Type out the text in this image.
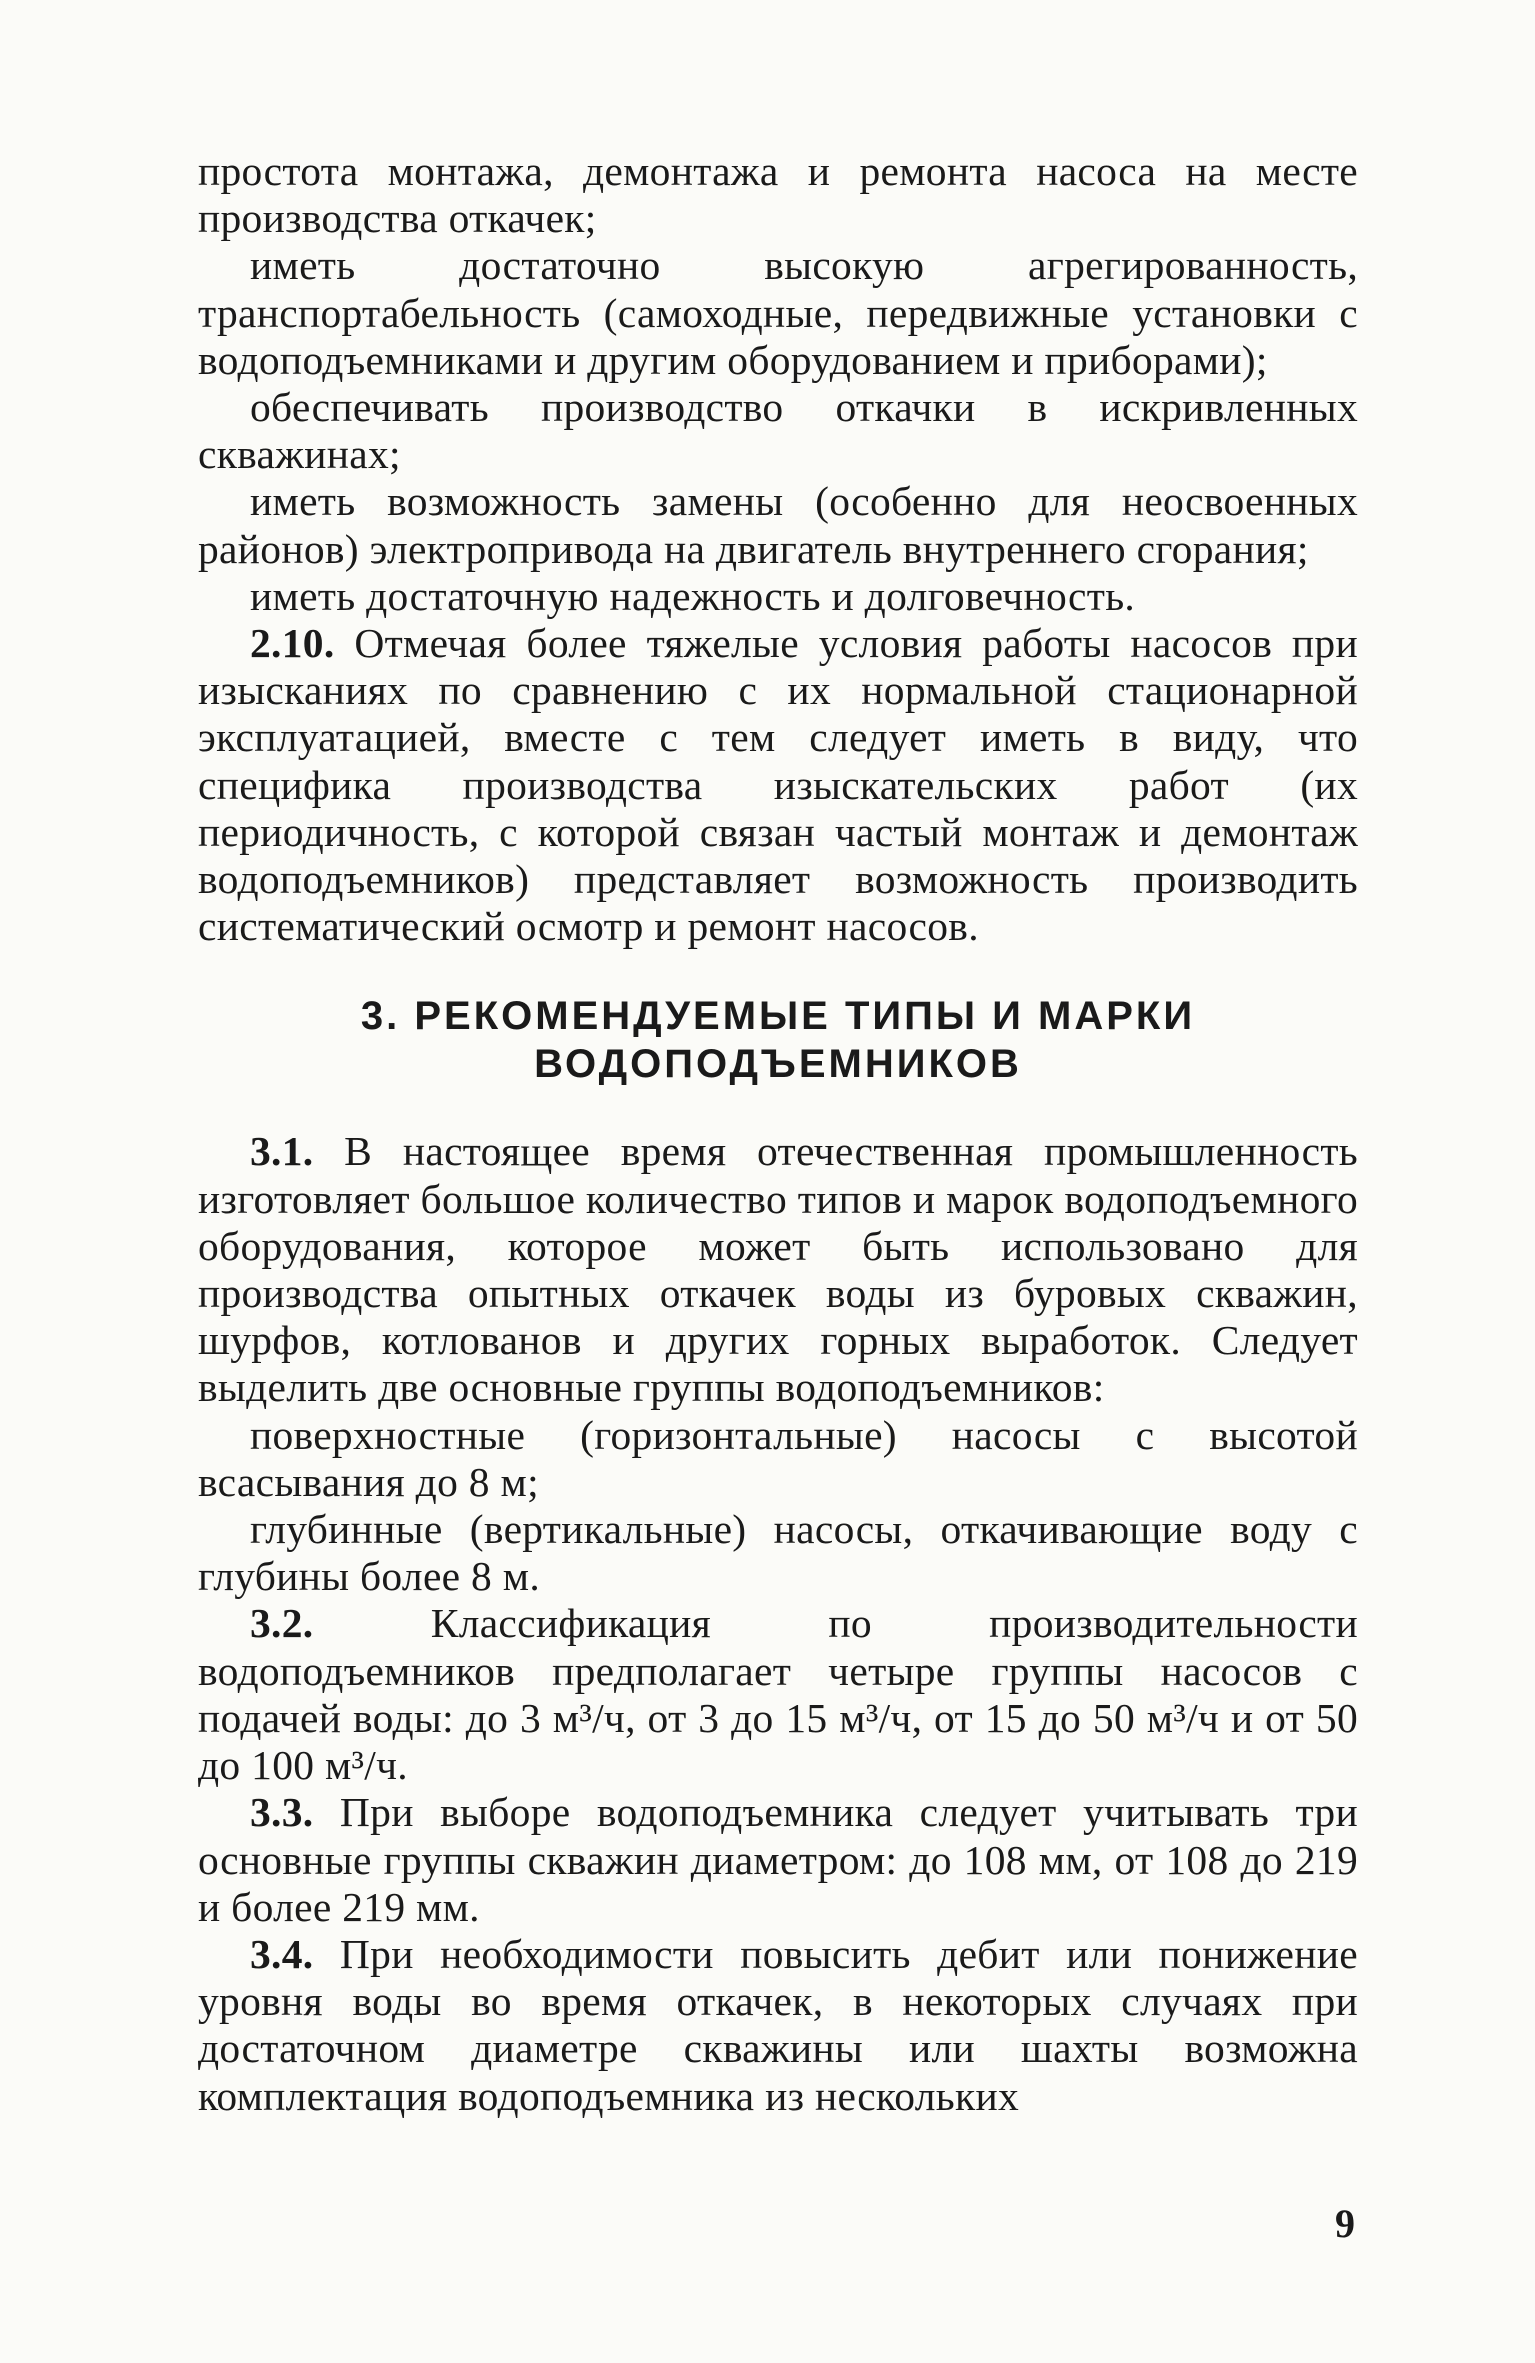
простота монтажа, демонтажа и ремонта насоса на месте производства откачек;

иметь достаточно высокую агрегированность, транспортабельность (самоходные, передвижные установки с водоподъемниками и другим оборудованием и приборами);

обеспечивать производство откачки в искривленных скважинах;

иметь возможность замены (особенно для неосвоенных районов) электропривода на двигатель внутреннего сгорания;

иметь достаточную надежность и долговечность.

2.10. Отмечая более тяжелые условия работы насосов при изысканиях по сравнению с их нормальной стационарной эксплуатацией, вместе с тем следует иметь в виду, что специфика производства изыскательских работ (их периодичность, с которой связан частый монтаж и демонтаж водоподъемников) представляет возможность производить систематический осмотр и ремонт насосов.

3. РЕКОМЕНДУЕМЫЕ ТИПЫ И МАРКИ
ВОДОПОДЪЕМНИКОВ

3.1. В настоящее время отечественная промышленность изготовляет большое количество типов и марок водоподъемного оборудования, которое может быть использовано для производства опытных откачек воды из буровых скважин, шурфов, котлованов и других горных выработок. Следует выделить две основные группы водоподъемников:

поверхностные (горизонтальные) насосы с высотой всасывания до 8 м;

глубинные (вертикальные) насосы, откачивающие воду с глубины более 8 м.

3.2. Классификация по производительности водоподъемников предполагает четыре группы насосов с подачей воды: до 3 м³/ч, от 3 до 15 м³/ч, от 15 до 50 м³/ч и от 50 до 100 м³/ч.

3.3. При выборе водоподъемника следует учитывать три основные группы скважин диаметром: до 108 мм, от 108 до 219 и более 219 мм.

3.4. При необходимости повысить дебит или понижение уровня воды во время откачек, в некоторых случаях при достаточном диаметре скважины или шахты возможна комплектация водоподъемника из нескольких

9
